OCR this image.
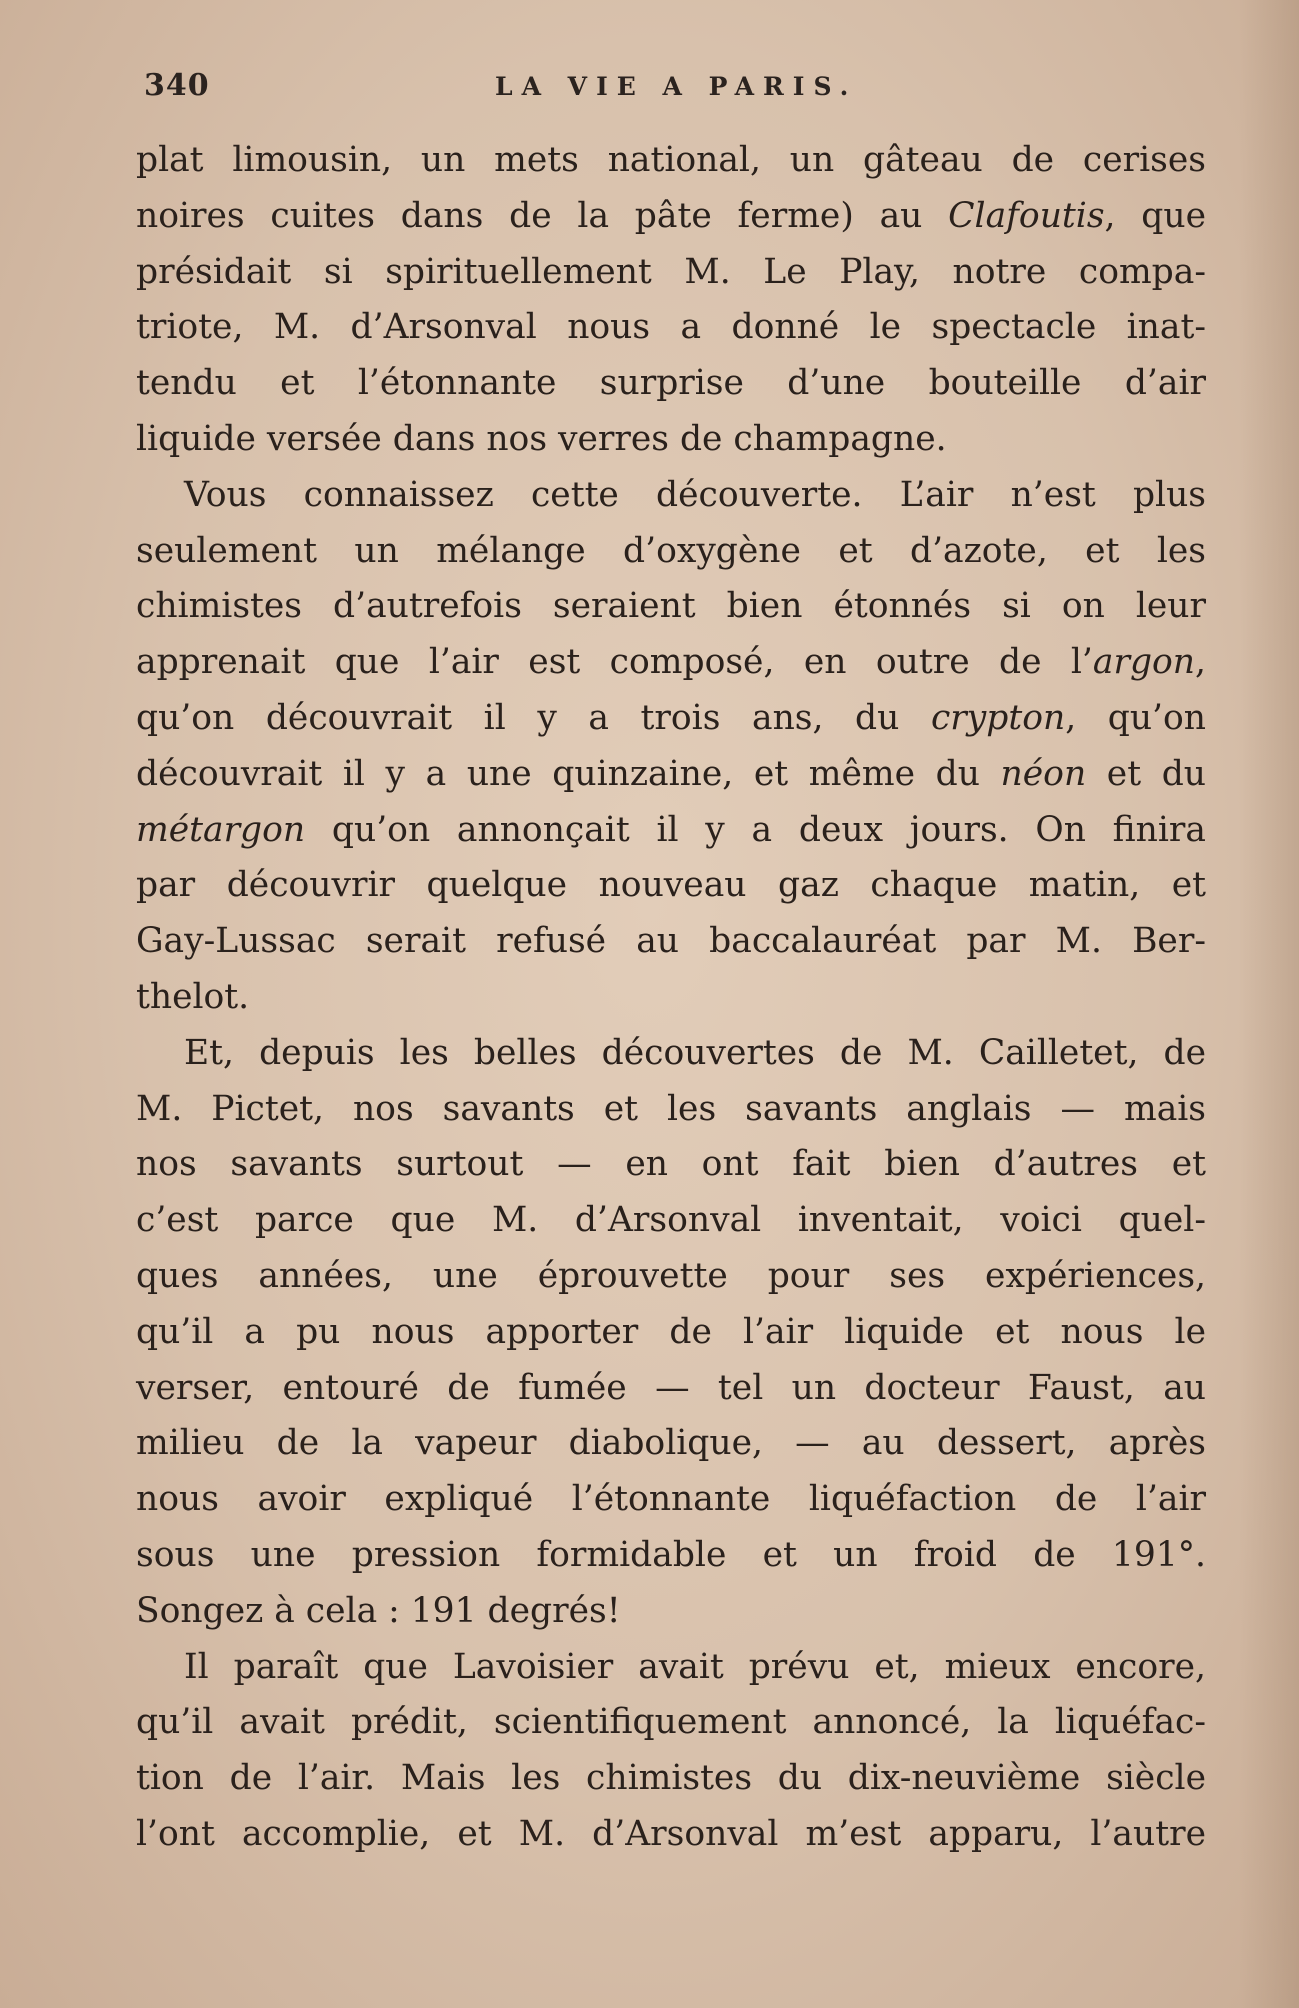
340	LA VIE A PARIS.
plat limousin, un mets national, un gâteau de cerises
noires cuites dans de la pâte ferme) au Clafoutis, que
présidait si spirituellement M. Le Play, notre compa-
triote, M. d’Arsonval nous a donné le spectacle inat-
tendu et l’étonnante surprise d’une bouteille d’air
liquide versée dans nos verres de champagne.
Vous connaissez cette découverte. L’air n’est plus
seulement un mélange d’oxygène et d’azote, et les
chimistes d’autrefois seraient bien étonnés si on leur
apprenait que l’air est composé, en outre de l’argon,
qu’on découvrait il y a trois ans, du crypton, qu’on
découvrait il y a une quinzaine, et même du néon et du
métargon qu’on annonçait il y a deux jours. On finira
par découvrir quelque nouveau gaz chaque matin, et
Gay-Lussac serait refusé au baccalauréat par M. Ber-
thelot.
Et, depuis les belles découvertes de M. Cailletet, de
M. Pictet, nos savants et les savants anglais — mais
nos savants surtout — en ont fait bien d’autres et
c’est parce que M. d’Arsonval inventait, voici quel-
ques années, une éprouvette pour ses expériences,
qu’il a pu nous apporter de l’air liquide et nous le
verser, entouré de fumée — tel un docteur Faust, au
milieu de la vapeur diabolique, — au dessert, après
nous avoir expliqué l’étonnante liquéfaction de l’air
sous une pression formidable et un froid de 191°.
Songez à cela : 191 degrés!
Il paraît que Lavoisier avait prévu et, mieux encore,
qu’il avait prédit, scientifiquement annoncé, la liquéfac-
tion de l’air. Mais les chimistes du dix-neuvième siècle
l’ont accomplie, et M. d’Arsonval m’est apparu, l’autre
